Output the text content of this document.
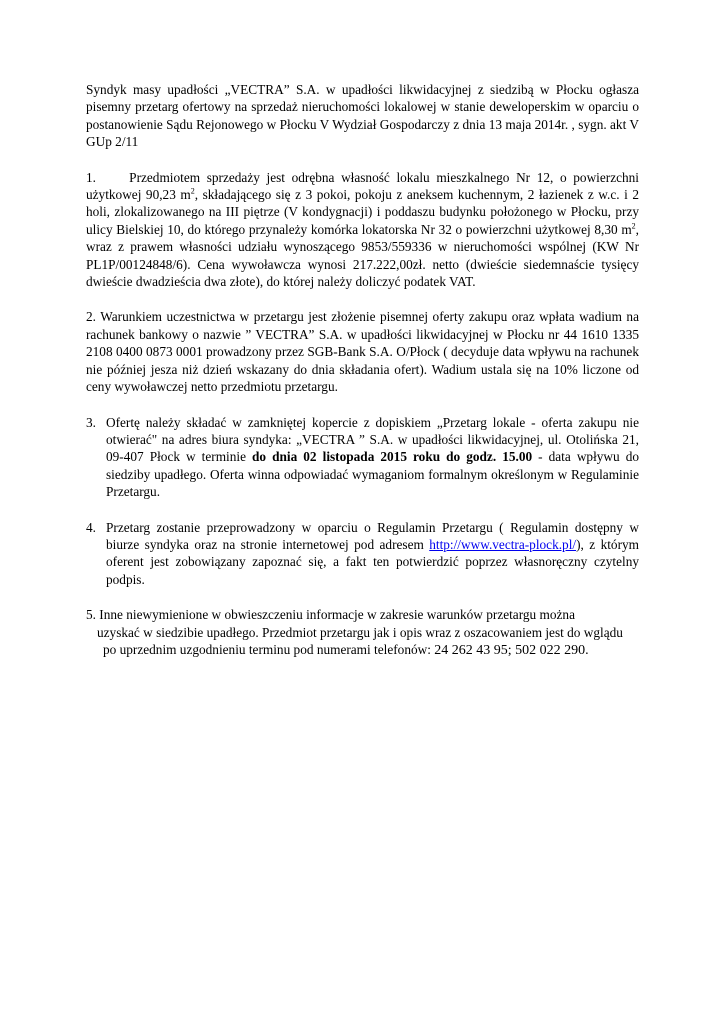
Syndyk masy upadłości „VECTRA” S.A. w upadłości likwidacyjnej z siedzibą w Płocku ogłasza pisemny przetarg ofertowy na sprzedaż nieruchomości lokalowej w stanie deweloperskim w oparciu o postanowienie Sądu Rejonowego w Płocku V Wydział Gospodarczy z dnia 13 maja 2014r. , sygn. akt V GUp 2/11

1. Przedmiotem sprzedaży jest odrębna własność lokalu mieszkalnego Nr 12, o powierzchni użytkowej 90,23 $m^2$, składającego się z 3 pokoi, pokoju z aneksem kuchennym, 2 łazienek z w.c. i 2 holi, zlokalizowanego na III piętrze (V kondygnacji) i poddaszu budynku położonego w Płocku, przy ulicy Bielskiej 10, do którego przynależy komórka lokatorska Nr 32 o powierzchni użytkowej 8,30 $m^2$, wraz z prawem własności udziału wynoszącego 9853/559336 w nieruchomości wspólnej (KW Nr PL1P/00124848/6). Cena wywoławcza wynosi 217.222,00zł. netto (dwieście siedemnaście tysięcy dwieście dwadzieścia dwa złote), do której należy doliczyć podatek VAT.

2. Warunkiem uczestnictwa w przetargu jest złożenie pisemnej oferty zakupu oraz wpłata wadium na rachunek bankowy o nazwie ” VECTRA” S.A. w upadłości likwidacyjnej w Płocku nr 44 1610 1335 2108 0400 0873 0001 prowadzony przez SGB-Bank S.A. O/Płock ( decyduje data wpływu na rachunek nie później jesza niż dzień wskazany do dnia składania ofert). Wadium ustala się na 10% liczone od ceny wywoławczej netto przedmiotu przetargu.

3. Ofertę należy składać w zamkniętej kopercie z dopiskiem „Przetarg lokale - oferta zakupu nie otwierać" na adres biura syndyka: „VECTRA ” S.A. w upadłości likwidacyjnej, ul. Otolińska 21, 09-407 Płock w terminie do dnia 02 listopada 2015 roku do godz. 15.00 - data wpływu do siedziby upadłego. Oferta winna odpowiadać wymaganiom formalnym określonym w Regulaminie Przetargu.

4. Przetarg zostanie przeprowadzony w oparciu o Regulamin Przetargu ( Regulamin dostępny w biurze syndyka oraz na stronie internetowej pod adresem http://www.vectra-plock.pl/), z którym oferent jest zobowiązany zapoznać się, a fakt ten potwierdzić poprzez własnoręczny czytelny podpis.

5. Inne niewymienione w obwieszczeniu informacje w zakresie warunków przetargu można
uzyskać w siedzibie upadłego. Przedmiot przetargu jak i opis wraz z oszacowaniem jest do wglądu
po uprzednim uzgodnieniu terminu pod numerami telefonów: 24 262 43 95; 502 022 290.
